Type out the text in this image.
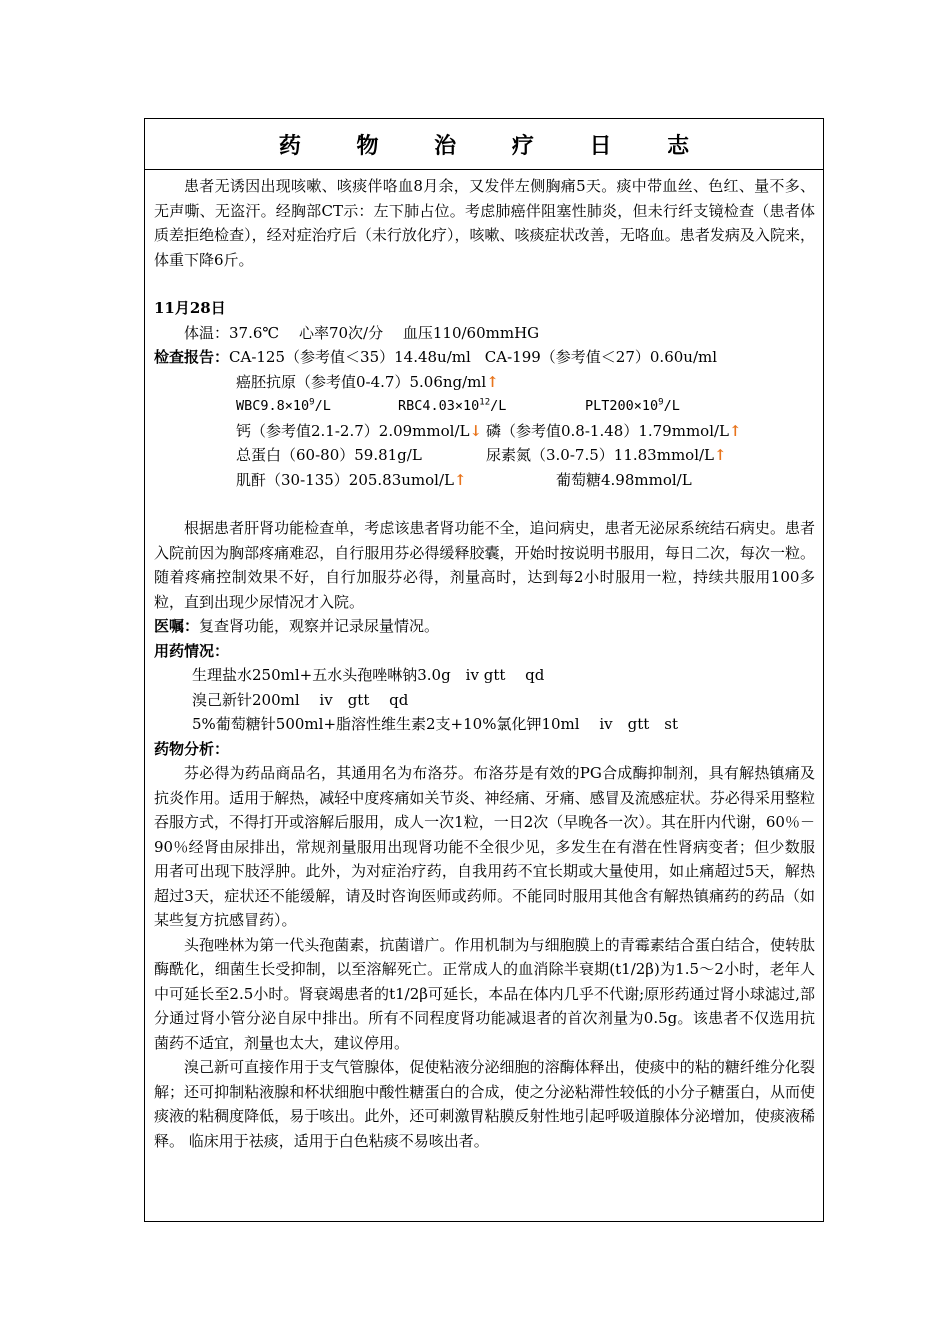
药 物 治 疗 日 志

患者无诱因出现咳嗽、咳痰伴咯血8月余，又发伴左侧胸痛5天。痰中带血丝、色红、量不多、无声嘶、无盗汗。经胸部CT示：左下肺占位。考虑肺癌伴阻塞性肺炎，但未行纤支镜检查（患者体质差拒绝检查），经对症治疗后（未行放化疗），咳嗽、咳痰症状改善，无咯血。患者发病及入院来，体重下降6斤。

11月28日
体温：37.6℃　 心率70次/分　 血压110/60mmHG
检查报告： CA-125（参考值＜35）14.48u/ml CA-199（参考值＜27）0.60u/ml
癌胚抗原（参考值0-4.7）5.06ng/ml ↑
$WBC9.8\times 10^9/L$	$RBC4.03\times 10^{12}/L$	$PLT200\times 10^9/L$
钙（参考值2.1-2.7）2.09mmol/L↓ 磷（参考值0.8-1.48）1.79mmol/L↑
总蛋白（60-80）59.81g/L	尿素氮（3.0-7.5）11.83mmol/L↑
肌酐（30-135）205.83umol/L↑	葡萄糖4.98mmol/L

根据患者肝肾功能检查单，考虑该患者肾功能不全，追问病史，患者无泌尿系统结石病史。患者入院前因为胸部疼痛难忍，自行服用芬必得缓释胶囊，开始时按说明书服用，每日二次，每次一粒。随着疼痛控制效果不好，自行加服芬必得，剂量高时，达到每2小时服用一粒，持续共服用100多粒，直到出现少尿情况才入院。

医嘱：复查肾功能，观察并记录尿量情况。
用药情况：
生理盐水250ml+五水头孢唑啉钠3.0g　iv gtt　 qd
溴己新针200ml　 iv　gtt　 qd
5%葡萄糖针500ml+脂溶性维生素2支+10%氯化钾10ml　 iv　gtt　st
药物分析：

芬必得为药品商品名，其通用名为布洛芬。布洛芬是有效的PG合成酶抑制剂，具有解热镇痛及抗炎作用。适用于解热，减轻中度疼痛如关节炎、神经痛、牙痛、感冒及流感症状。芬必得采用整粒吞服方式，不得打开或溶解后服用，成人一次1粒，一日2次（早晚各一次）。其在肝内代谢，60％－90％经肾由尿排出，常规剂量服用出现肾功能不全很少见，多发生在有潜在性肾病变者；但少数服用者可出现下肢浮肿。此外，为对症治疗药，自我用药不宜长期或大量使用，如止痛超过5天，解热超过3天，症状还不能缓解，请及时咨询医师或药师。不能同时服用其他含有解热镇痛药的药品（如某些复方抗感冒药）。

头孢唑林为第一代头孢菌素，抗菌谱广。作用机制为与细胞膜上的青霉素结合蛋白结合，使转肽酶酰化，细菌生长受抑制，以至溶解死亡。正常成人的血消除半衰期(t1/2β)为1.5～2小时，老年人中可延长至2.5小时。肾衰竭患者的t1/2β可延长，本品在体内几乎不代谢;原形药通过肾小球滤过,部分通过肾小管分泌自尿中排出。所有不同程度肾功能减退者的首次剂量为0.5g。该患者不仅选用抗菌药不适宜，剂量也太大，建议停用。

溴己新可直接作用于支气管腺体，促使粘液分泌细胞的溶酶体释出，使痰中的粘的糖纤维分化裂解；还可抑制粘液腺和杯状细胞中酸性糖蛋白的合成，使之分泌粘滞性较低的小分子糖蛋白，从而使痰液的粘稠度降低，易于咳出。此外，还可刺激胃粘膜反射性地引起呼吸道腺体分泌增加，使痰液稀释。 临床用于祛痰，适用于白色粘痰不易咳出者。
